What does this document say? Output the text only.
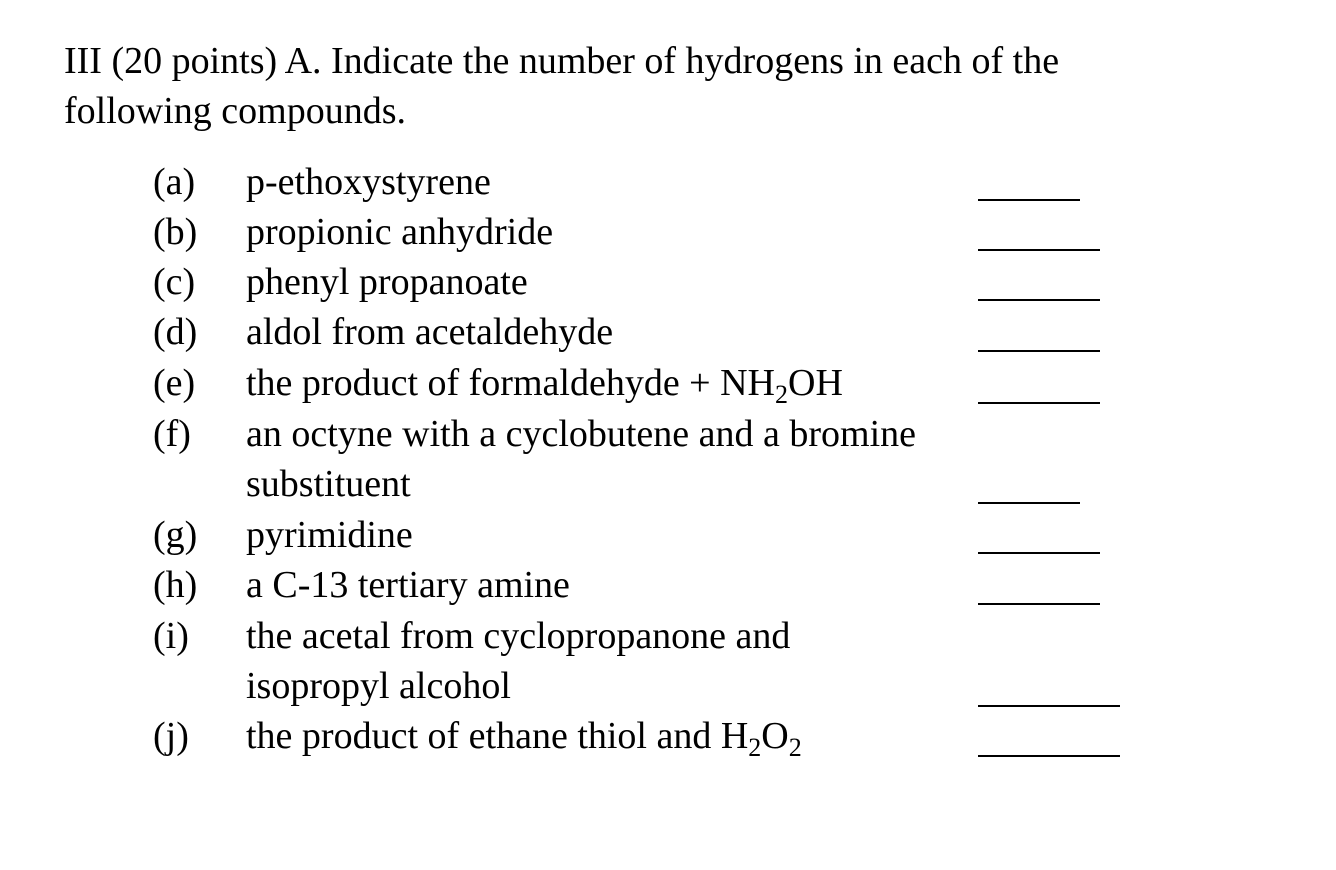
III (20 points) A. Indicate the number of hydrogens in each of the following compounds.

(a) p-ethoxystyrene
(b) propionic anhydride
(c) phenyl propanoate
(d) aldol from acetaldehyde
(e) the product of formaldehyde + $NH_2OH$
(f) an octyne with a cyclobutene and a bromine
substituent
(g) pyrimidine
(h) a C-13 tertiary amine
(i) the acetal from cyclopropanone and
isopropyl alcohol
(j) the product of ethane thiol and $H_2O_2$
